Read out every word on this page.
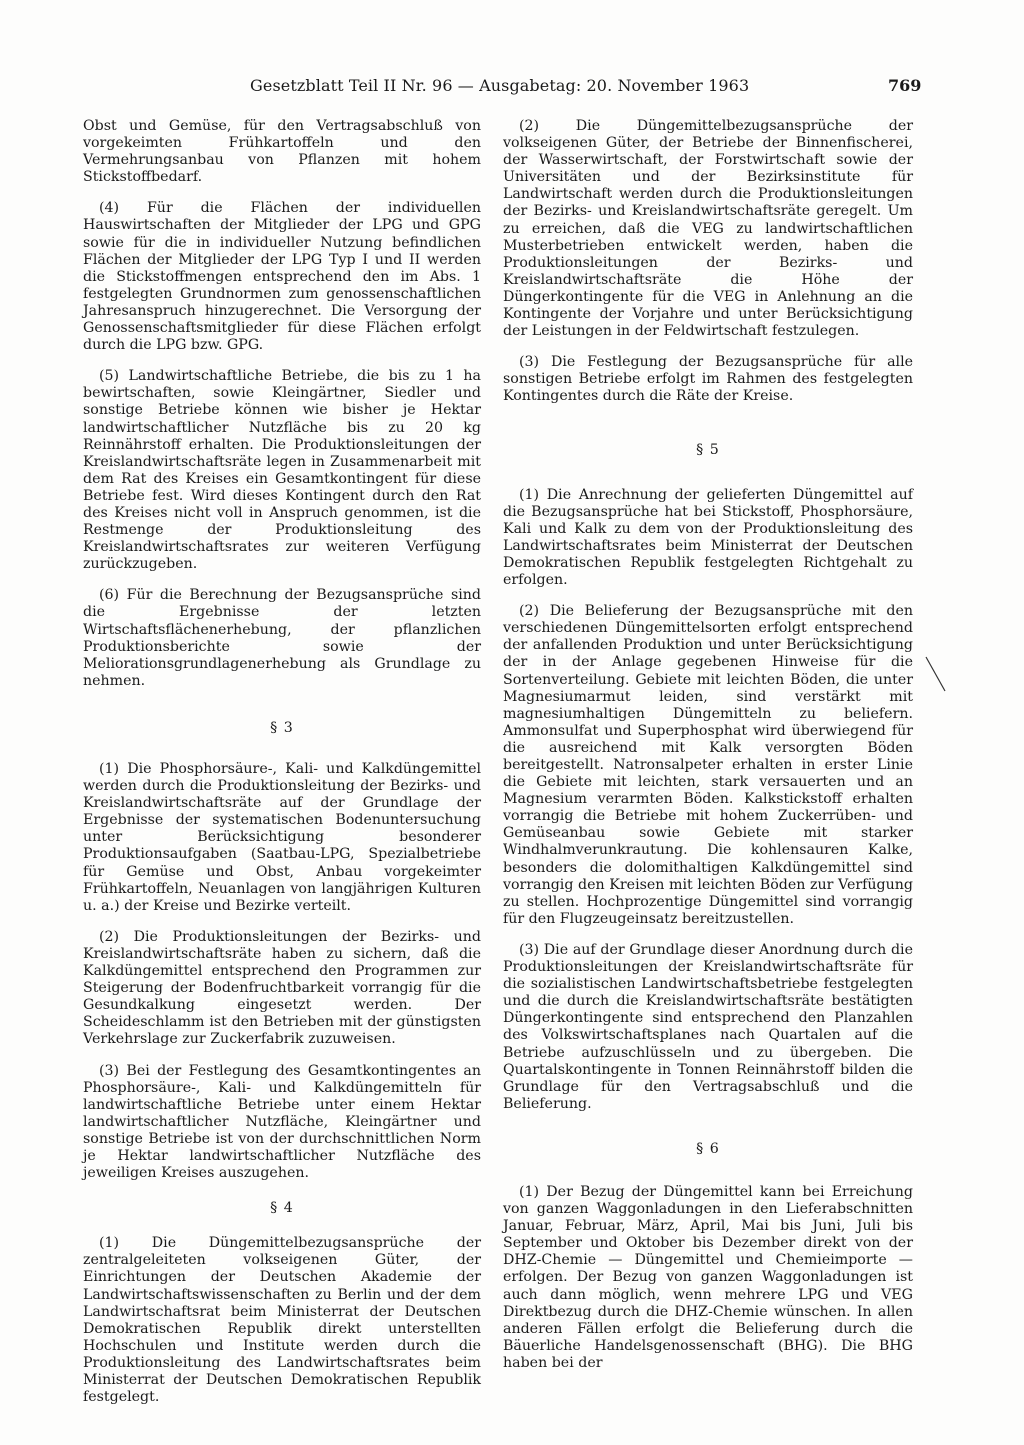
Gesetzblatt Teil II Nr. 96 — Ausgabetag: 20. November 1963	769

Obst und Gemüse, für den Vertragsabschluß von vorgekeimten Frühkartoffeln und den Vermehrungsanbau von Pflanzen mit hohem Stickstoffbedarf.

(4) Für die Flächen der individuellen Hauswirtschaften der Mitglieder der LPG und GPG sowie für die in individueller Nutzung befindlichen Flächen der Mitglieder der LPG Typ I und II werden die Stickstoffmengen entsprechend den im Abs. 1 festgelegten Grundnormen zum genossenschaftlichen Jahresanspruch hinzugerechnet. Die Versorgung der Genossenschaftsmitglieder für diese Flächen erfolgt durch die LPG bzw. GPG.

(5) Landwirtschaftliche Betriebe, die bis zu 1 ha bewirtschaften, sowie Kleingärtner, Siedler und sonstige Betriebe können wie bisher je Hektar landwirtschaftlicher Nutzfläche bis zu 20 kg Reinnährstoff erhalten. Die Produktionsleitungen der Kreislandwirtschaftsräte legen in Zusammenarbeit mit dem Rat des Kreises ein Gesamtkontingent für diese Betriebe fest. Wird dieses Kontingent durch den Rat des Kreises nicht voll in Anspruch genommen, ist die Restmenge der Produktionsleitung des Kreislandwirtschaftsrates zur weiteren Verfügung zurückzugeben.

(6) Für die Berechnung der Bezugsansprüche sind die Ergebnisse der letzten Wirtschaftsflächenerhebung, der pflanzlichen Produktionsberichte sowie der Meliorationsgrundlagenerhebung als Grundlage zu nehmen.

§ 3

(1) Die Phosphorsäure-, Kali- und Kalkdüngemittel werden durch die Produktionsleitung der Bezirks- und Kreislandwirtschaftsräte auf der Grundlage der Ergebnisse der systematischen Bodenuntersuchung unter Berücksichtigung besonderer Produktionsaufgaben (Saatbau-LPG, Spezialbetriebe für Gemüse und Obst, Anbau vorgekeimter Frühkartoffeln, Neuanlagen von langjährigen Kulturen u. a.) der Kreise und Bezirke verteilt.

(2) Die Produktionsleitungen der Bezirks- und Kreislandwirtschaftsräte haben zu sichern, daß die Kalkdüngemittel entsprechend den Programmen zur Steigerung der Bodenfruchtbarkeit vorrangig für die Gesundkalkung eingesetzt werden. Der Scheideschlamm ist den Betrieben mit der günstigsten Verkehrslage zur Zuckerfabrik zuzuweisen.

(3) Bei der Festlegung des Gesamtkontingentes an Phosphorsäure-, Kali- und Kalkdüngemitteln für landwirtschaftliche Betriebe unter einem Hektar landwirtschaftlicher Nutzfläche, Kleingärtner und sonstige Betriebe ist von der durchschnittlichen Norm je Hektar landwirtschaftlicher Nutzfläche des jeweiligen Kreises auszugehen.

§ 4

(1) Die Düngemittelbezugsansprüche der zentralgeleiteten volkseigenen Güter, der Einrichtungen der Deutschen Akademie der Landwirtschaftswissenschaften zu Berlin und der dem Landwirtschaftsrat beim Ministerrat der Deutschen Demokratischen Republik direkt unterstellten Hochschulen und Institute werden durch die Produktionsleitung des Landwirtschaftsrates beim Ministerrat der Deutschen Demokratischen Republik festgelegt.

(2) Die Düngemittelbezugsansprüche der volkseigenen Güter, der Betriebe der Binnenfischerei, der Wasserwirtschaft, der Forstwirtschaft sowie der Universitäten und der Bezirksinstitute für Landwirtschaft werden durch die Produktionsleitungen der Bezirks- und Kreislandwirtschaftsräte geregelt. Um zu erreichen, daß die VEG zu landwirtschaftlichen Musterbetrieben entwickelt werden, haben die Produktionsleitungen der Bezirks- und Kreislandwirtschaftsräte die Höhe der Düngerkontingente für die VEG in Anlehnung an die Kontingente der Vorjahre und unter Berücksichtigung der Leistungen in der Feldwirtschaft festzulegen.

(3) Die Festlegung der Bezugsansprüche für alle sonstigen Betriebe erfolgt im Rahmen des festgelegten Kontingentes durch die Räte der Kreise.

§ 5

(1) Die Anrechnung der gelieferten Düngemittel auf die Bezugsansprüche hat bei Stickstoff, Phosphorsäure, Kali und Kalk zu dem von der Produktionsleitung des Landwirtschaftsrates beim Ministerrat der Deutschen Demokratischen Republik festgelegten Richtgehalt zu erfolgen.

(2) Die Belieferung der Bezugsansprüche mit den verschiedenen Düngemittelsorten erfolgt entsprechend der anfallenden Produktion und unter Berücksichtigung der in der Anlage gegebenen Hinweise für die Sortenverteilung. Gebiete mit leichten Böden, die unter Magnesiumarmut leiden, sind verstärkt mit magnesiumhaltigen Düngemitteln zu beliefern. Ammonsulfat und Superphosphat wird überwiegend für die ausreichend mit Kalk versorgten Böden bereitgestellt. Natronsalpeter erhalten in erster Linie die Gebiete mit leichten, stark versauerten und an Magnesium verarmten Böden. Kalkstickstoff erhalten vorrangig die Betriebe mit hohem Zuckerrüben- und Gemüseanbau sowie Gebiete mit starker Windhalmverunkrautung. Die kohlensauren Kalke, besonders die dolomithaltigen Kalkdüngemittel sind vorrangig den Kreisen mit leichten Böden zur Verfügung zu stellen. Hochprozentige Düngemittel sind vorrangig für den Flugzeugeinsatz bereitzustellen.

(3) Die auf der Grundlage dieser Anordnung durch die Produktionsleitungen der Kreislandwirtschaftsräte für die sozialistischen Landwirtschaftsbetriebe festgelegten und die durch die Kreislandwirtschaftsräte bestätigten Düngerkontingente sind entsprechend den Planzahlen des Volkswirtschaftsplanes nach Quartalen auf die Betriebe aufzuschlüsseln und zu übergeben. Die Quartalskontingente in Tonnen Reinnährstoff bilden die Grundlage für den Vertragsabschluß und die Belieferung.

§ 6

(1) Der Bezug der Düngemittel kann bei Erreichung von ganzen Waggonladungen in den Lieferabschnitten Januar, Februar, März, April, Mai bis Juni, Juli bis September und Oktober bis Dezember direkt von der DHZ-Chemie — Düngemittel und Chemieimporte — erfolgen. Der Bezug von ganzen Waggonladungen ist auch dann möglich, wenn mehrere LPG und VEG Direktbezug durch die DHZ-Chemie wünschen. In allen anderen Fällen erfolgt die Belieferung durch die Bäuerliche Handelsgenossenschaft (BHG). Die BHG haben bei der
